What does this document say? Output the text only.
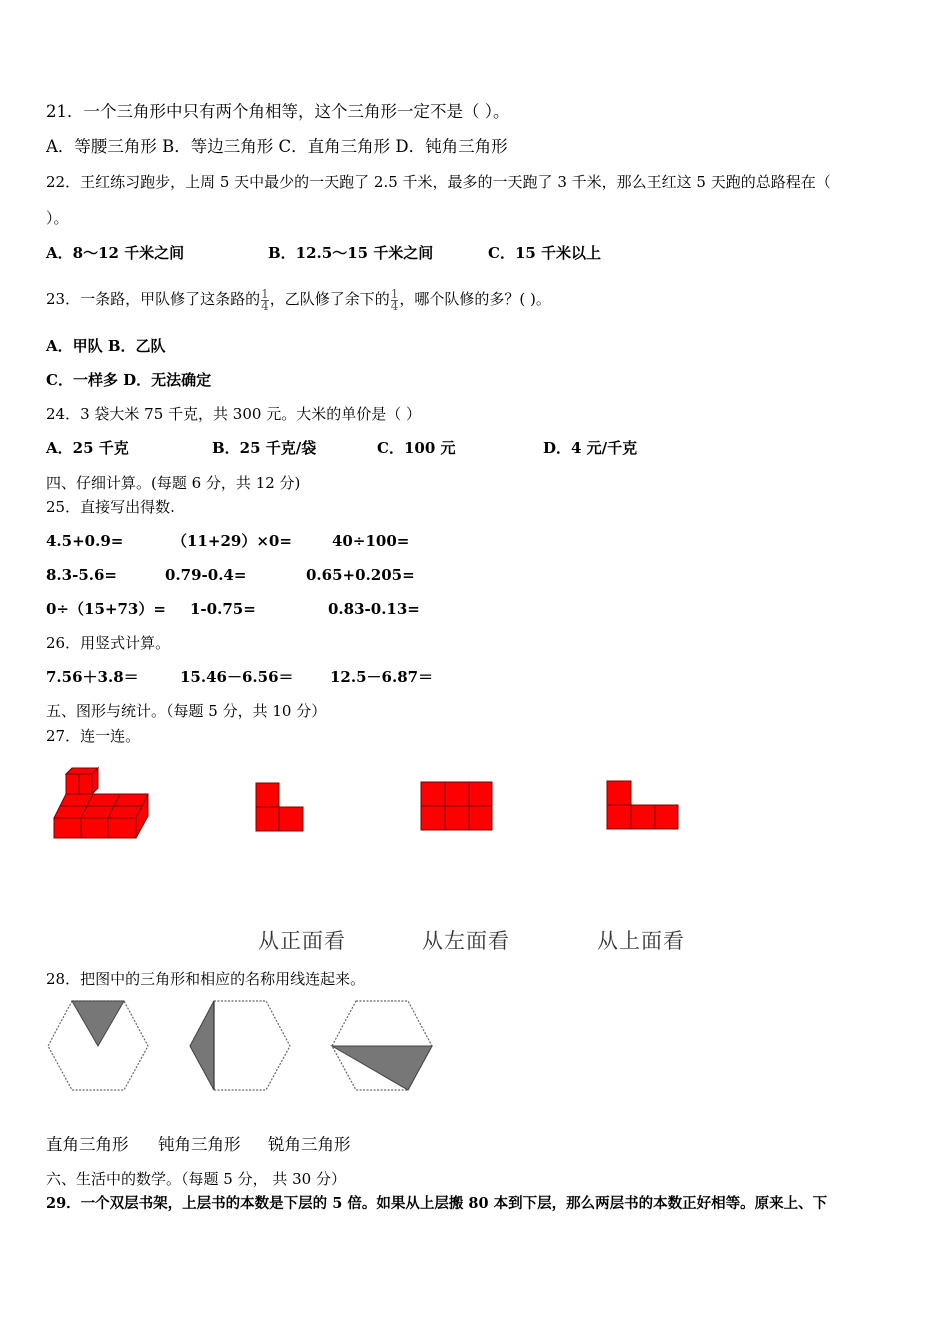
21．一个三角形中只有两个角相等，这个三角形一定不是（ ）。
A．等腰三角形 B．等边三角形 C．直角三角形 D．钝角三角形
22．王红练习跑步，上周 5 天中最少的一天跑了 2.5 千米，最多的一天跑了 3 千米，那么王红这 5 天跑的总路程在（
）。
A．8～12 千米之间	B．12.5～15 千米之间	C．15 千米以上
23．一条路，甲队修了这条路的 $\frac{1}{4}$ ，乙队修了余下的 $\frac{1}{4}$ ，哪个队修的多？( )。
A．甲队 B．乙队
C．一样多 D．无法确定
24．3 袋大米 75 千克，共 300 元。大米的单价是（ ）
A．25 千克	B．25 千克/袋	C．100 元	D．4 元/千克
四、仔细计算。(每题 6 分，共 12 分)
25．直接写出得数.
4.5+0.9=	（11+29）×0=	40÷100=
8.3-5.6=	0.79-0.4=	0.65+0.205=
0÷（15+73）= 1-0.75=	0.83-0.13=
26．用竖式计算。
7.56＋3.8＝	15.46－6.56＝ 12.5－6.87＝
五、图形与统计。（每题 5 分，共 10 分）
27．连一连。
从正面看	从左面看	从上面看
28．把图中的三角形和相应的名称用线连起来。
直角三角形 钝角三角形 锐角三角形
六、生活中的数学。（每题 5 分， 共 30 分）
29．一个双层书架，上层书的本数是下层的 5 倍。如果从上层搬 80 本到下层，那么两层书的本数正好相等。原来上、下
